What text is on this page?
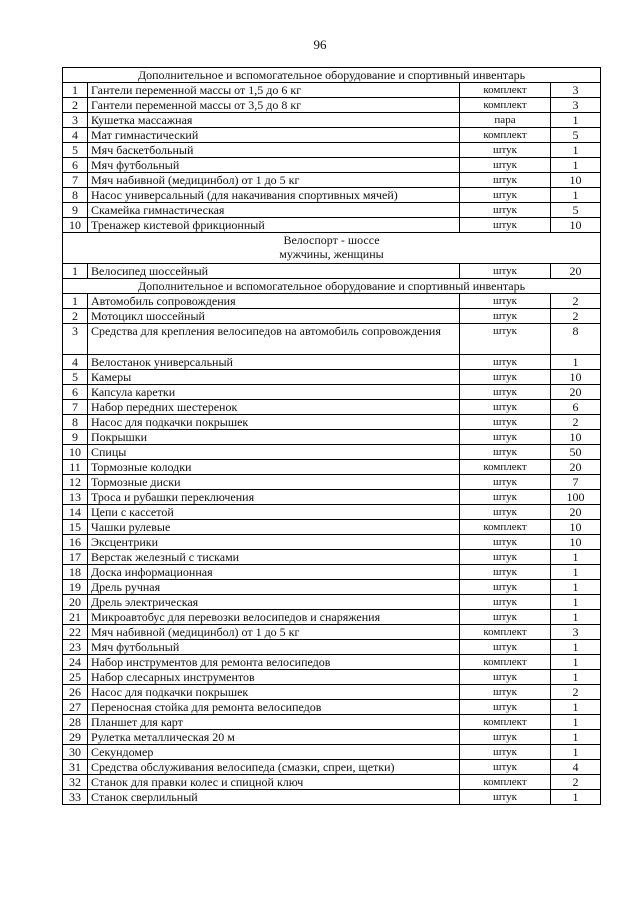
96
Дополнительное и вспомогательное оборудование и спортивный инвентарь			
1	Гантели переменной массы от 1,5 до 6 кг	комплект	3
2	Гантели переменной массы от 3,5 до 8 кг	комплект	3
3	Кушетка массажная	пара	1
4	Мат гимнастический	комплект	5
5	Мяч баскетбольный	штук	1
6	Мяч футбольный	штук	1
7	Мяч набивной (медицинбол) от 1 до 5 кг	штук	10
8	Насос универсальный (для накачивания спортивных мячей)	штук	1
9	Скамейка гимнастическая	штук	5
10	Тренажер кистевой фрикционный	штук	10

Велоспорт - шоссе
мужчины, женщины			

1	Велосипед шоссейный	штук	20
Дополнительное и вспомогательное оборудование и спортивный инвентарь			
1	Автомобиль сопровождения	штук	2
2	Мотоцикл шоссейный	штук	2
3	Средства для крепления велосипедов на автомобиль сопровождения	штук	8
4	Велостанок универсальный	штук	1
5	Камеры	штук	10
6	Капсула каретки	штук	20
7	Набор передних шестеренок	штук	6
8	Насос для подкачки покрышек	штук	2
9	Покрышки	штук	10
10	Спицы	штук	50
11	Тормозные колодки	комплект	20
12	Тормозные диски	штук	7
13	Троса и рубашки переключения	штук	100
14	Цепи с кассетой	штук	20
15	Чашки рулевые	комплект	10
16	Эксцентрики	штук	10
17	Верстак железный с тисками	штук	1
18	Доска информационная	штук	1
19	Дрель ручная	штук	1
20	Дрель электрическая	штук	1
21	Микроавтобус для перевозки велосипедов и снаряжения	штук	1
22	Мяч набивной (медицинбол) от 1 до 5 кг	комплект	3
23	Мяч футбольный	штук	1
24	Набор инструментов для ремонта велосипедов	комплект	1
25	Набор слесарных инструментов	штук	1
26	Насос для подкачки покрышек	штук	2
27	Переносная стойка для ремонта велосипедов	штук	1
28	Планшет для карт	комплект	1
29	Рулетка металлическая 20 м	штук	1
30	Секундомер	штук	1
31	Средства обслуживания велосипеда (смазки, спреи, щетки)	штук	4
32	Станок для правки колес и спицной ключ	комплект	2
33	Станок сверлильный	штук	1
